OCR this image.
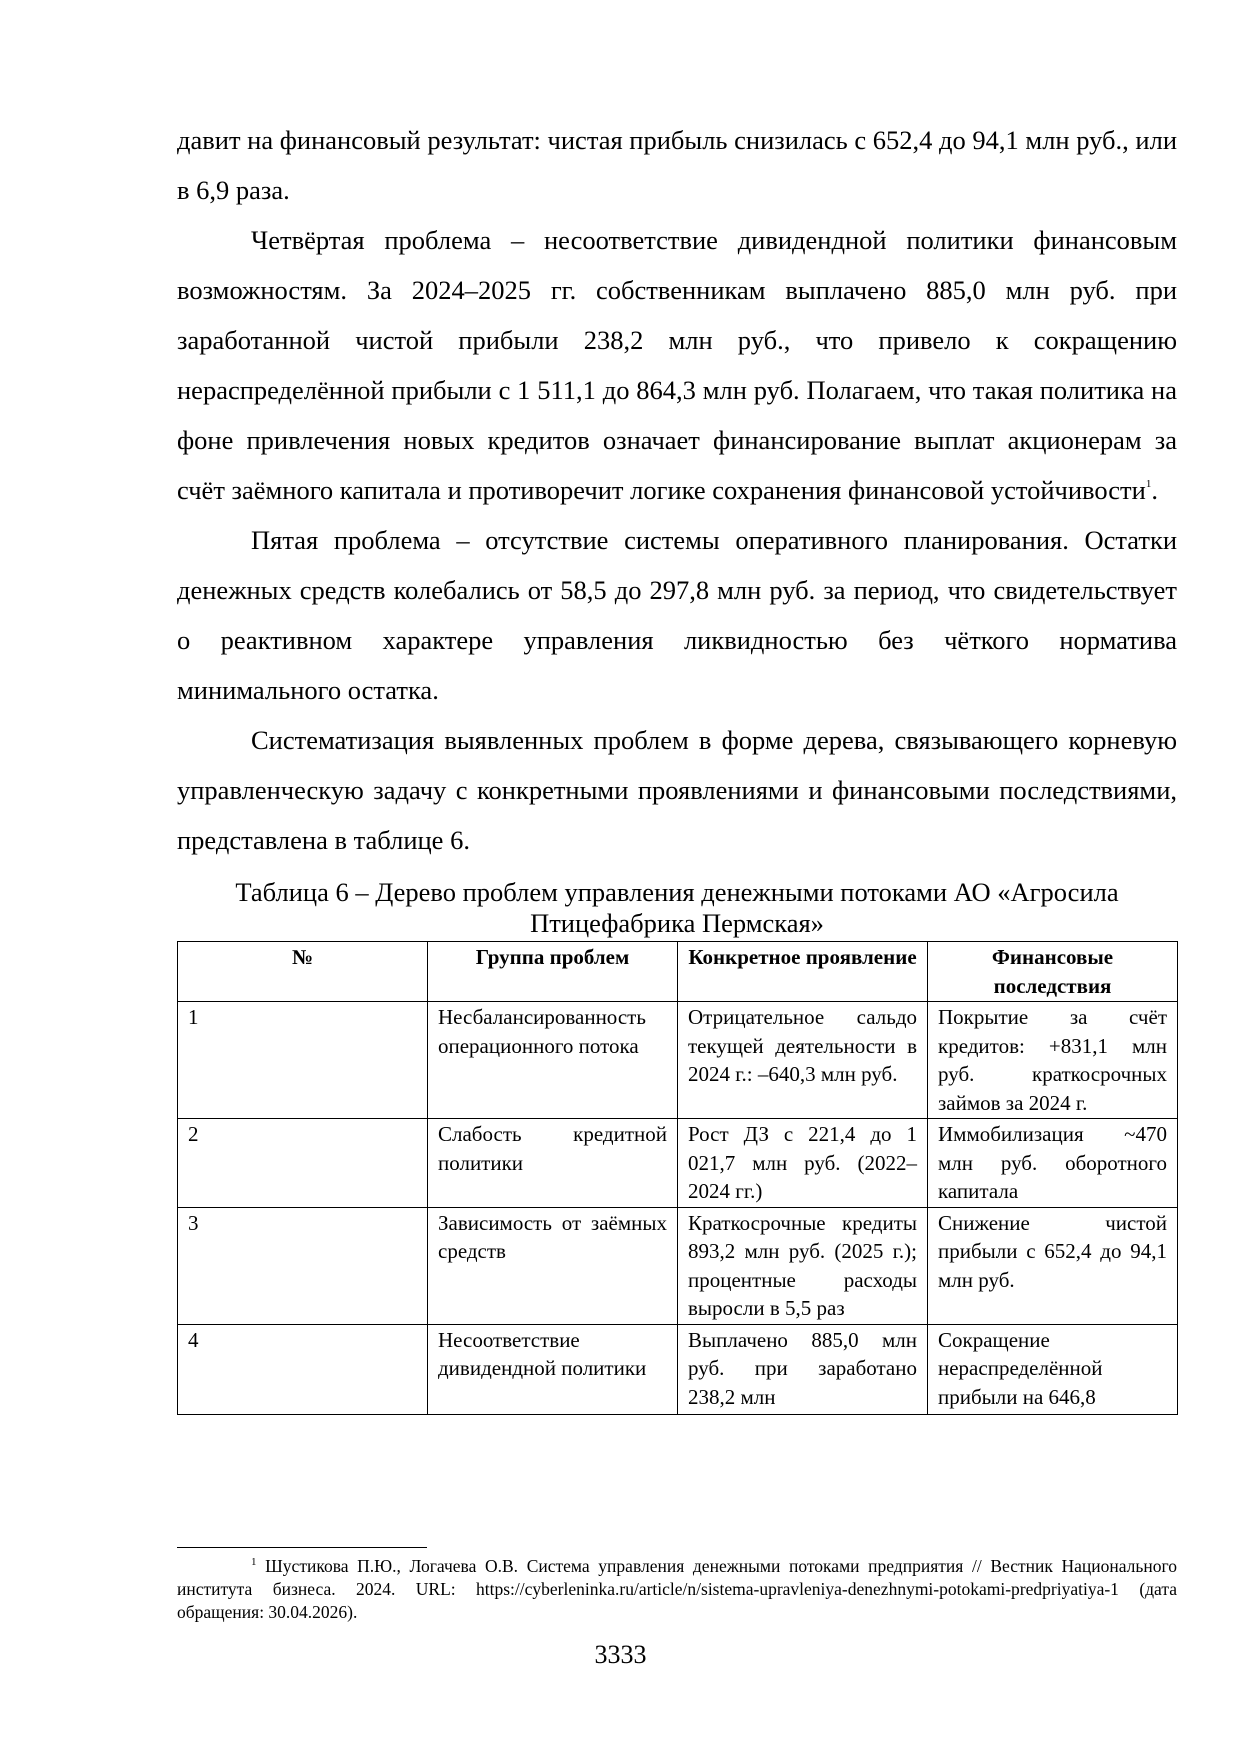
давит на финансовый результат: чистая прибыль снизилась с 652,4 до 94,1 млн руб., или в 6,9 раза.

Четвёртая проблема – несоответствие дивидендной политики финансовым возможностям. За 2024–2025 гг. собственникам выплачено 885,0 млн руб. при заработанной чистой прибыли 238,2 млн руб., что привело к сокращению нераспределённой прибыли с 1 511,1 до 864,3 млн руб. Полагаем, что такая политика на фоне привлечения новых кредитов означает финансирование выплат акционерам за счёт заёмного капитала и противоречит логике сохранения финансовой устойчивости$^1$.

Пятая проблема – отсутствие системы оперативного планирования. Остатки денежных средств колебались от 58,5 до 297,8 млн руб. за период, что свидетельствует о реактивном характере управления ликвидностью без чёткого норматива минимального остатка.

Систематизация выявленных проблем в форме дерева, связывающего корневую управленческую задачу с конкретными проявлениями и финансовыми последствиями, представлена в таблице 6.

Таблица 6 – Дерево проблем управления денежными потоками АО «Агросила Птицефабрика Пермская»
№	Группа проблем	Конкретное проявление	Финансовые последствия
1	Несбалансированность операционного потока	Отрицательное сальдо текущей деятельности в 2024 г.: –640,3 млн руб.	Покрытие за счёт кредитов: +831,1 млн руб. краткосрочных займов за 2024 г.
2	Слабость кредитной политики	Рост ДЗ с 221,4 до 1 021,7 млн руб. (2022–2024 гг.)	Иммобилизация ~470 млн руб. оборотного капитала
3	Зависимость от заёмных средств	Краткосрочные кредиты 893,2 млн руб. (2025 г.); процентные расходы выросли в 5,5 раз	Снижение чистой прибыли с 652,4 до 94,1 млн руб.

4	Несоответствие дивидендной политики	Выплачено 885,0 млн руб. при заработано 238,2 млн	Сокращение нераспределённой прибыли на 646,8
$^1$ Шустикова П.Ю., Логачева О.В. Система управления денежными потоками предприятия // Вестник Национального института бизнеса. 2024. URL: https://cyberleninka.ru/article/n/sistema-upravleniya-denezhnymi-potokami-predpriyatiya-1 (дата обращения: 30.04.2026).
3333
